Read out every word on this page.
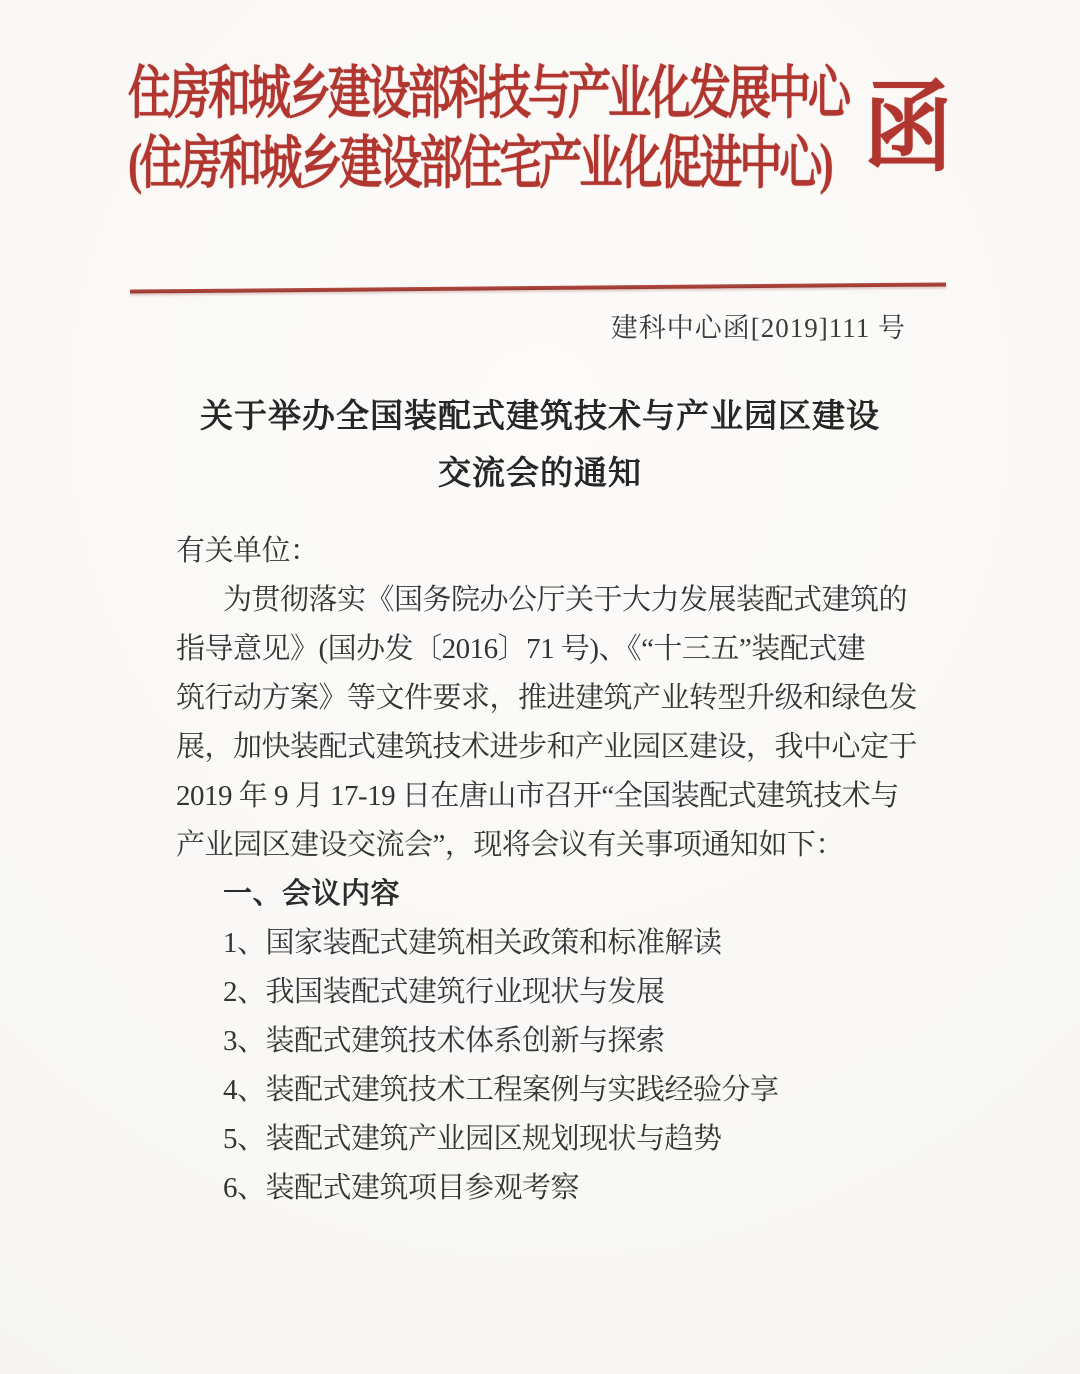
住房和城乡建设部科技与产业化发展中心
(住房和城乡建设部住宅产业化促进中心) 函
建科中心函[2019]111 号
关于举办全国装配式建筑技术与产业园区建设
交流会的通知
有关单位：
为贯彻落实《国务院办公厅关于大力发展装配式建筑的
指导意见》(国办发〔2016〕71 号)、《“十三五”装配式建
筑行动方案》等文件要求，推进建筑产业转型升级和绿色发
展，加快装配式建筑技术进步和产业园区建设，我中心定于
2019 年 9 月 17-19 日在唐山市召开“全国装配式建筑技术与
产业园区建设交流会”，现将会议有关事项通知如下：
一、会议内容
1、国家装配式建筑相关政策和标准解读
2、我国装配式建筑行业现状与发展
3、装配式建筑技术体系创新与探索
4、装配式建筑技术工程案例与实践经验分享
5、装配式建筑产业园区规划现状与趋势
6、装配式建筑项目参观考察
